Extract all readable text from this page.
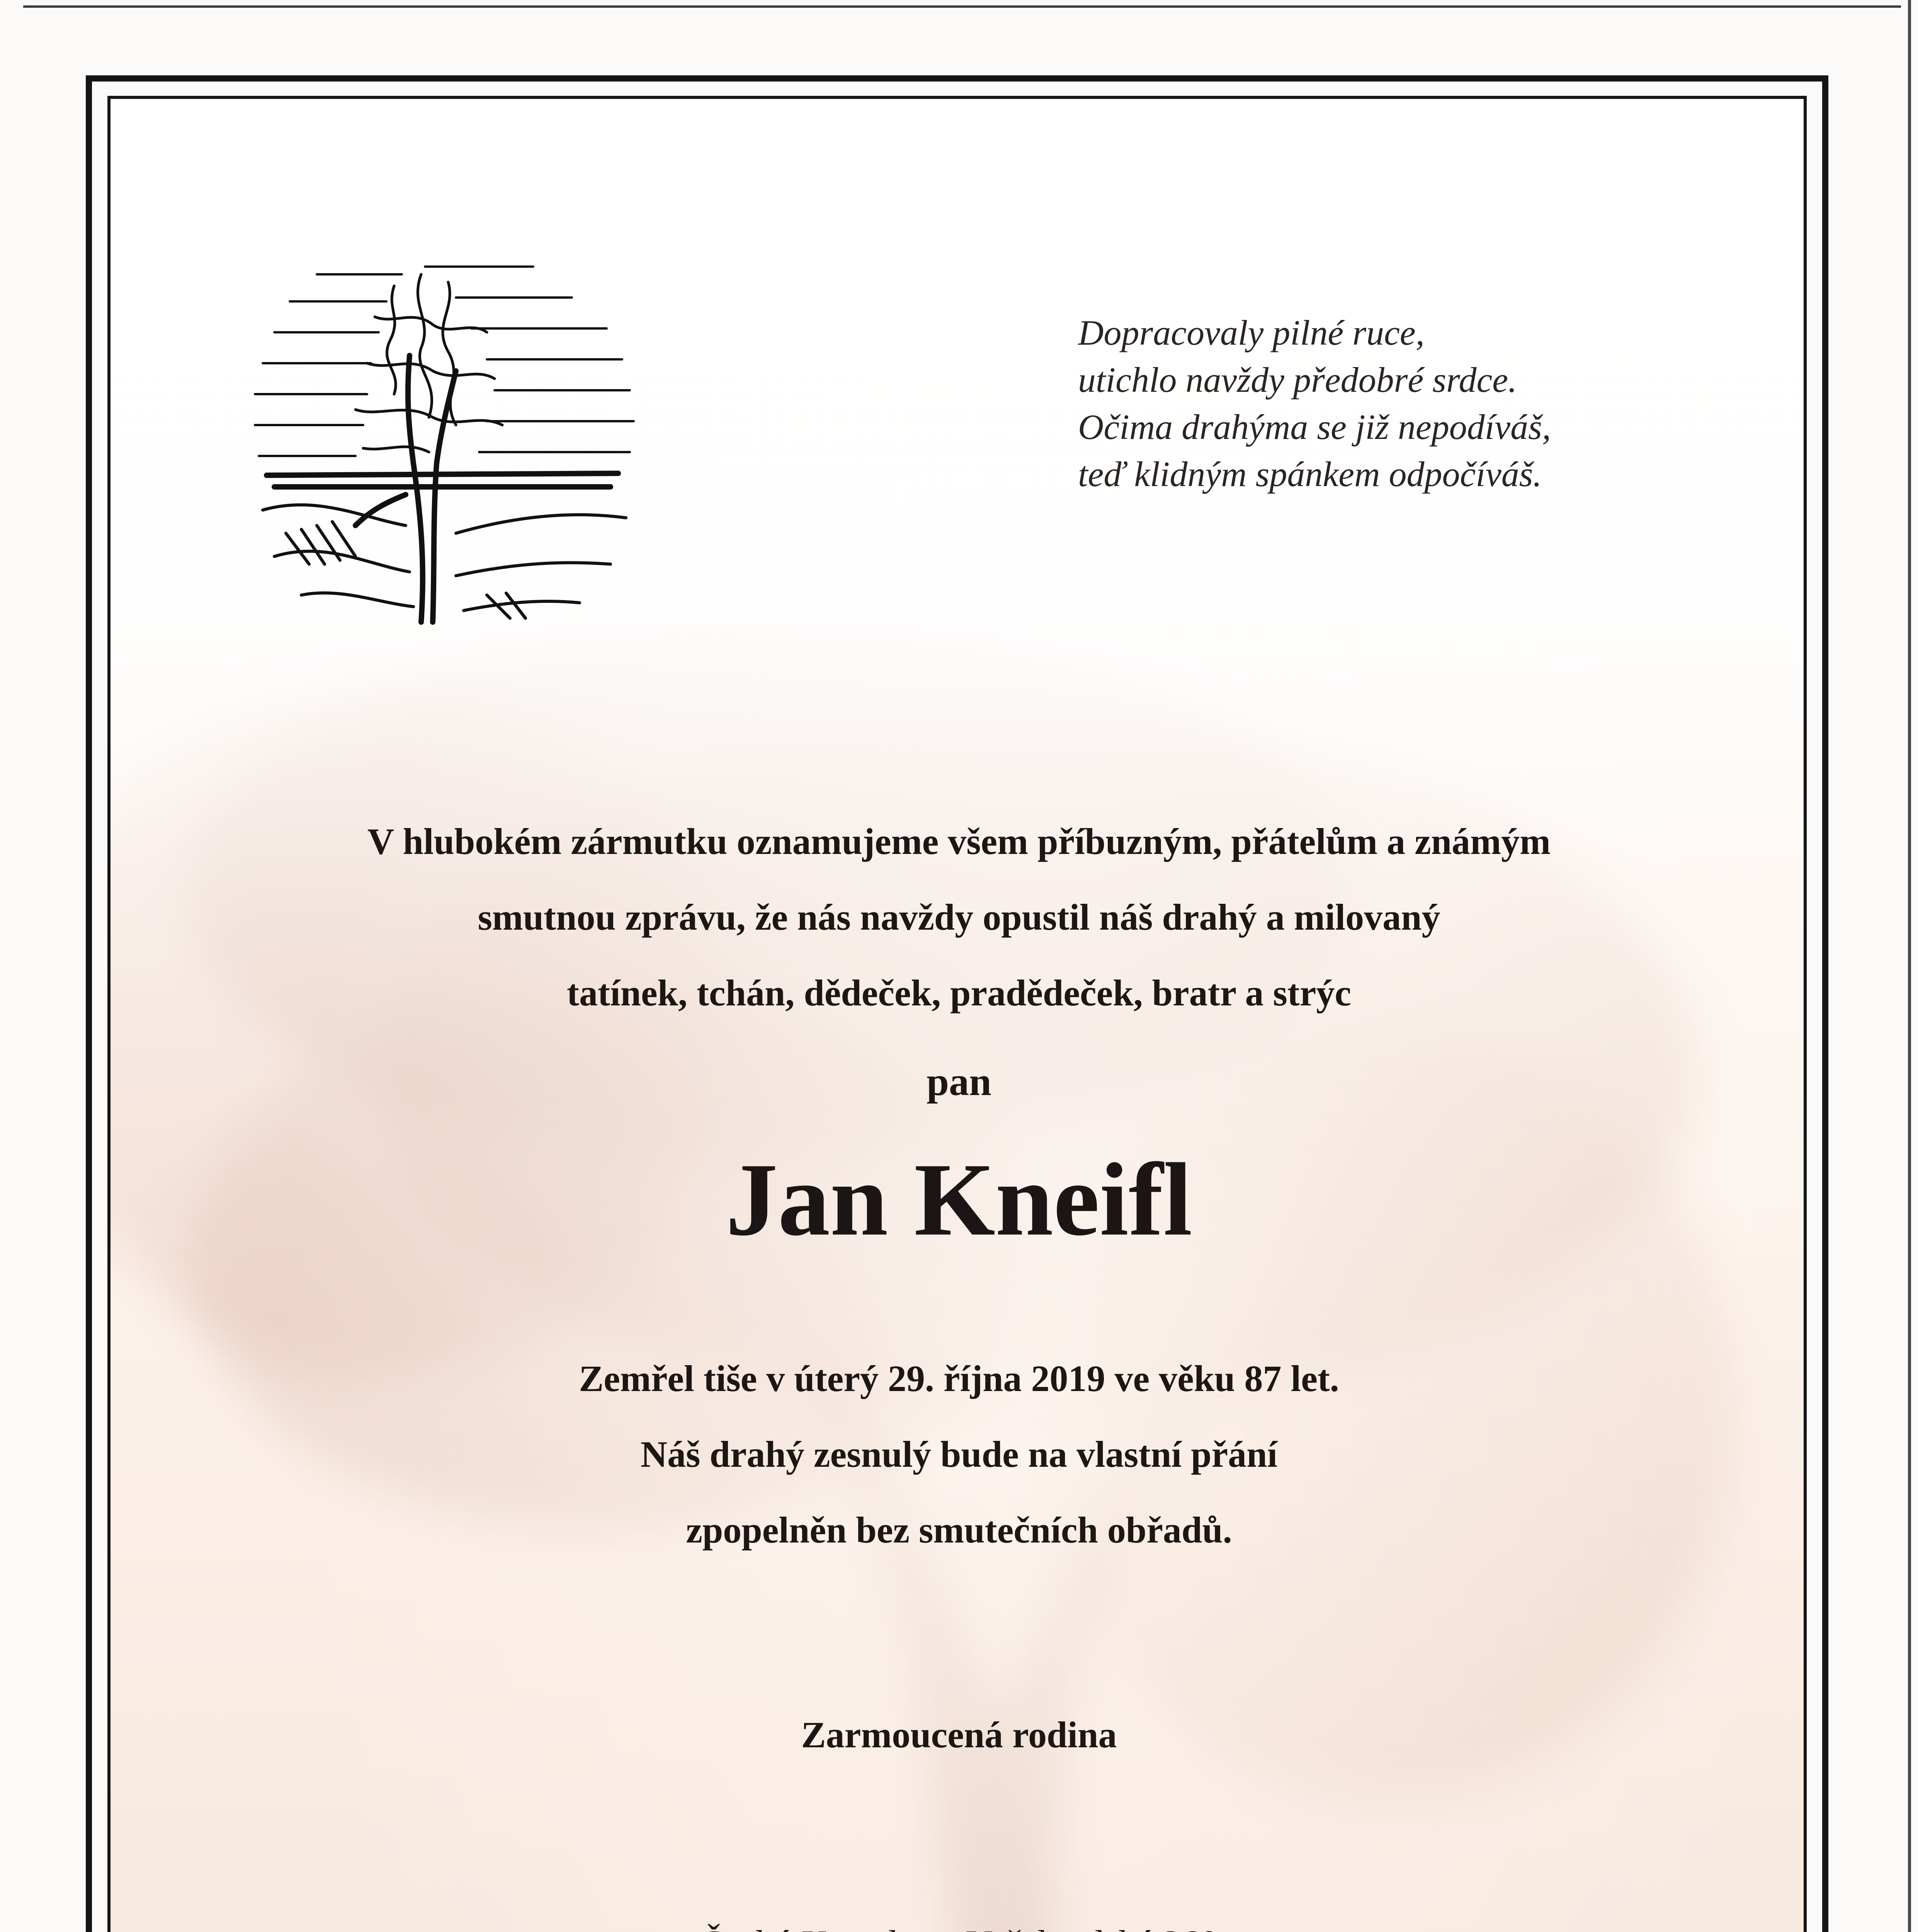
Dopracovaly pilné ruce,
utichlo navždy předobré srdce.
Očima drahýma se již nepodíváš,
teď klidným spánkem odpočíváš.
V hlubokém zármutku oznamujeme všem příbuzným, přátelům a známým
smutnou zprávu, že nás navždy opustil náš drahý a milovaný
tatínek, tchán, dědeček, pradědeček, bratr a strýc
pan
Jan Kneifl
Zemřel tiše v úterý 29. října 2019 ve věku 87 let.
Náš drahý zesnulý bude na vlastní přání
zpopelněn bez smutečních obřadů.
Zarmoucená rodina
